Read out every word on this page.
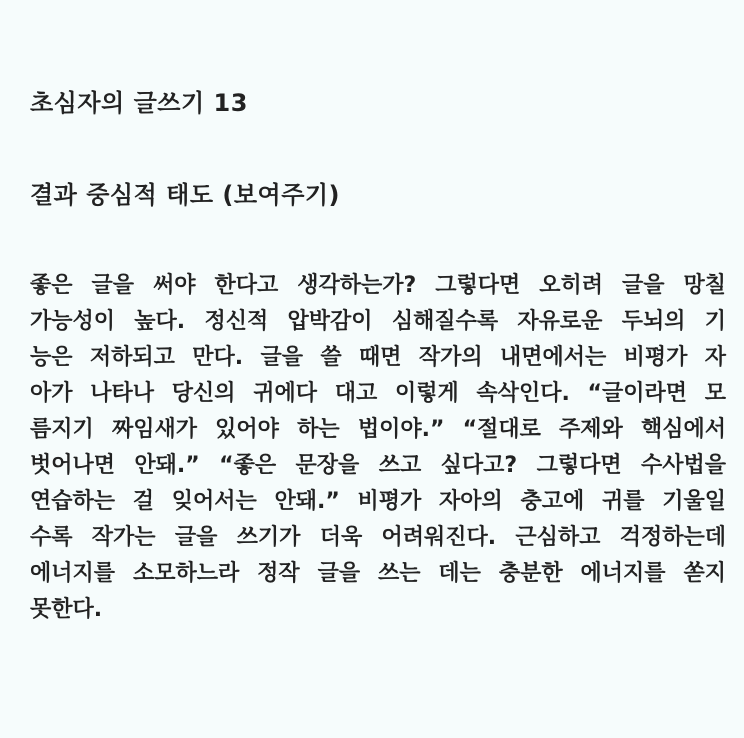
초심자의 글쓰기 13
결과 중심적 태도 (보여주기)
좋은 글을 써야 한다고 생각하는가? 그렇다면 오히려 글을 망칠
가능성이 높다. 정신적 압박감이 심해질수록 자유로운 두뇌의 기
능은 저하되고 만다. 글을 쓸 때면 작가의 내면에서는 비평가 자
아가 나타나 당신의 귀에다 대고 이렇게 속삭인다. “글이라면 모
름지기 짜임새가 있어야 하는 법이야.” “절대로 주제와 핵심에서
벗어나면 안돼.” “좋은 문장을 쓰고 싶다고? 그렇다면 수사법을
연습하는 걸 잊어서는 안돼.” 비평가 자아의 충고에 귀를 기울일
수록 작가는 글을 쓰기가 더욱 어려워진다. 근심하고 걱정하는데
에너지를 소모하느라 정작 글을 쓰는 데는 충분한 에너지를 쏟지
못한다.
